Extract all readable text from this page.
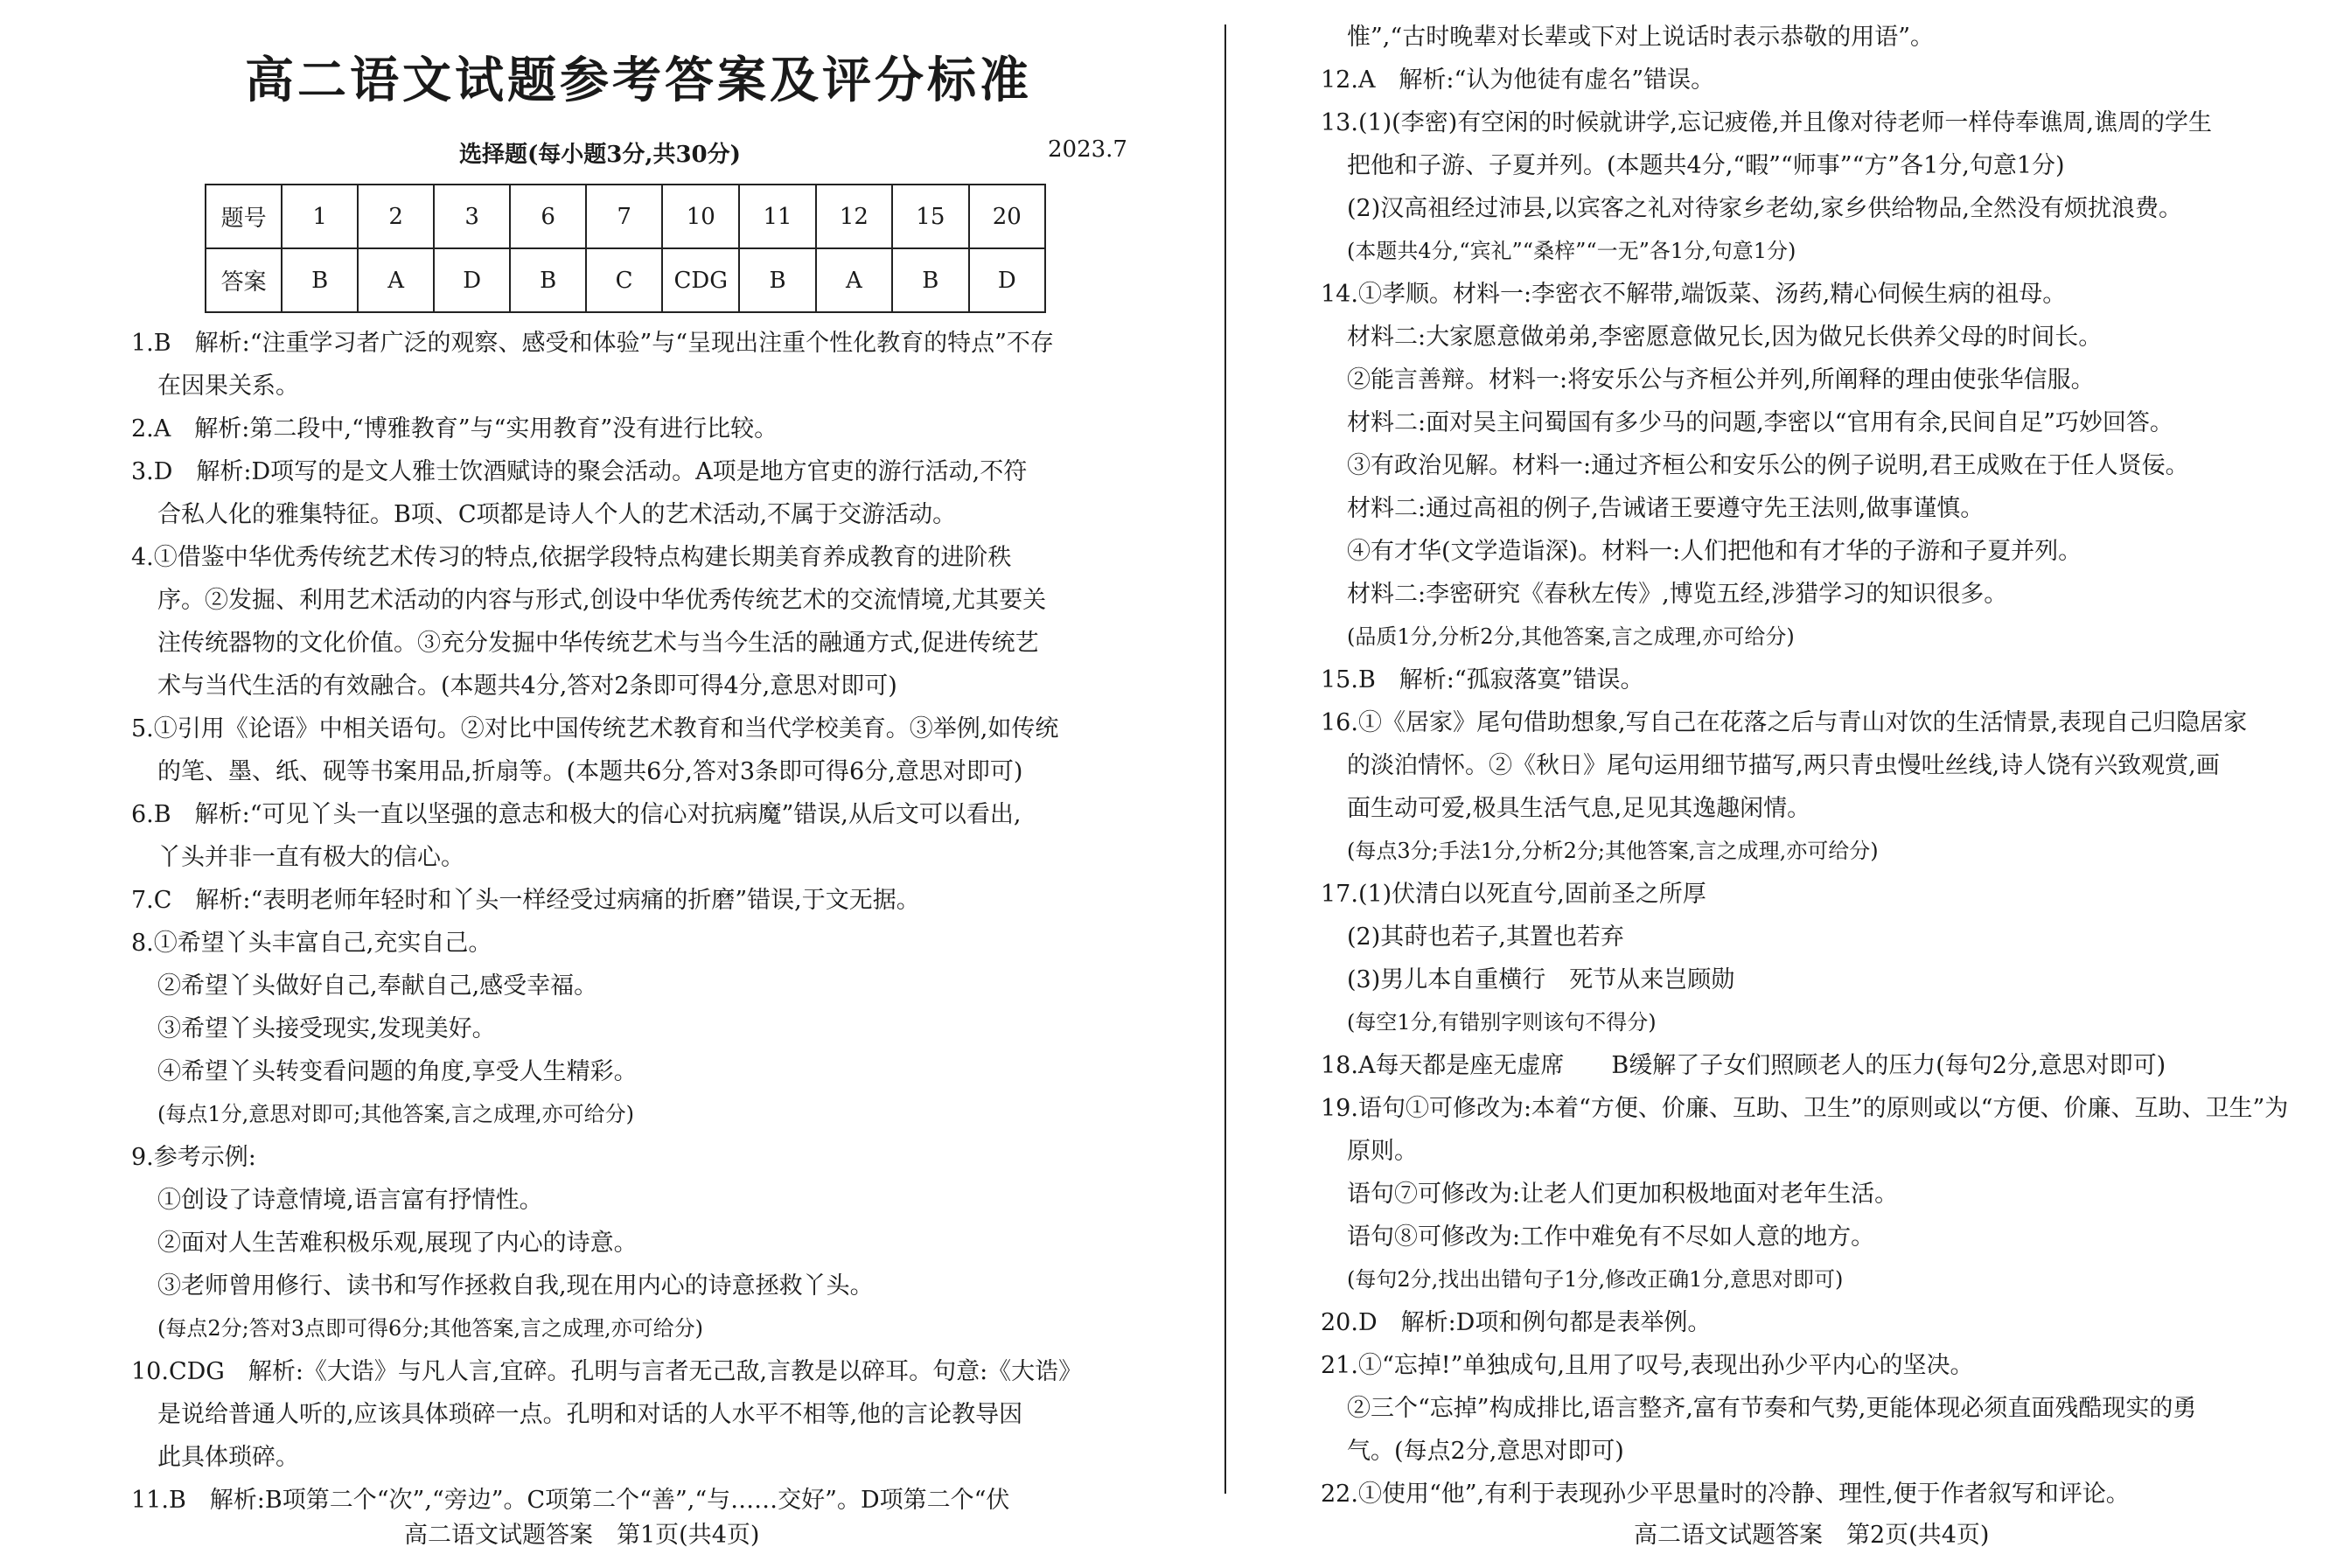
高二语文试题参考答案及评分标准
选择题(每小题3分,共30分)	2023.7
题号	1	2	3	6	7	10	11	12	15	20
答案	B	A	D	B	C	CDG	B	A	B	D
1.B　解析:“注重学习者广泛的观察、感受和体验”与“呈现出注重个性化教育的特点”不存
在因果关系。
2.A　解析:第二段中,“博雅教育”与“实用教育”没有进行比较。
3.D　解析:D项写的是文人雅士饮酒赋诗的聚会活动。A项是地方官吏的游行活动,不符
合私人化的雅集特征。B项、C项都是诗人个人的艺术活动,不属于交游活动。
4.①借鉴中华优秀传统艺术传习的特点,依据学段特点构建长期美育养成教育的进阶秩
序。②发掘、利用艺术活动的内容与形式,创设中华优秀传统艺术的交流情境,尤其要关
注传统器物的文化价值。③充分发掘中华传统艺术与当今生活的融通方式,促进传统艺
术与当代生活的有效融合。(本题共4分,答对2条即可得4分,意思对即可)
5.①引用《论语》中相关语句。②对比中国传统艺术教育和当代学校美育。③举例,如传统
的笔、墨、纸、砚等书案用品,折扇等。(本题共6分,答对3条即可得6分,意思对即可)
6.B　解析:“可见丫头一直以坚强的意志和极大的信心对抗病魔”错误,从后文可以看出,
丫头并非一直有极大的信心。
7.C　解析:“表明老师年轻时和丫头一样经受过病痛的折磨”错误,于文无据。
8.①希望丫头丰富自己,充实自己。
②希望丫头做好自己,奉献自己,感受幸福。
③希望丫头接受现实,发现美好。
④希望丫头转变看问题的角度,享受人生精彩。
(每点1分,意思对即可;其他答案,言之成理,亦可给分)
9.参考示例:
①创设了诗意情境,语言富有抒情性。
②面对人生苦难积极乐观,展现了内心的诗意。
③老师曾用修行、读书和写作拯救自我,现在用内心的诗意拯救丫头。
(每点2分;答对3点即可得6分;其他答案,言之成理,亦可给分)
10.CDG　解析:《大诰》与凡人言,宜碎。孔明与言者无己敌,言教是以碎耳。句意:《大诰》
是说给普通人听的,应该具体琐碎一点。孔明和对话的人水平不相等,他的言论教导因
此具体琐碎。
11.B　解析:B项第二个“次”,“旁边”。C项第二个“善”,“与……交好”。D项第二个“伏
高二语文试题答案　第1页(共4页)
惟”,“古时晚辈对长辈或下对上说话时表示恭敬的用语”。
12.A　解析:“认为他徒有虚名”错误。
13.(1)(李密)有空闲的时候就讲学,忘记疲倦,并且像对待老师一样侍奉谯周,谯周的学生
把他和子游、子夏并列。(本题共4分,“暇”“师事”“方”各1分,句意1分)
(2)汉高祖经过沛县,以宾客之礼对待家乡老幼,家乡供给物品,全然没有烦扰浪费。
(本题共4分,“宾礼”“桑梓”“一无”各1分,句意1分)
14.①孝顺。材料一:李密衣不解带,端饭菜、汤药,精心伺候生病的祖母。
材料二:大家愿意做弟弟,李密愿意做兄长,因为做兄长供养父母的时间长。
②能言善辩。材料一:将安乐公与齐桓公并列,所阐释的理由使张华信服。
材料二:面对吴主问蜀国有多少马的问题,李密以“官用有余,民间自足”巧妙回答。
③有政治见解。材料一:通过齐桓公和安乐公的例子说明,君王成败在于任人贤佞。
材料二:通过高祖的例子,告诫诸王要遵守先王法则,做事谨慎。
④有才华(文学造诣深)。材料一:人们把他和有才华的子游和子夏并列。
材料二:李密研究《春秋左传》,博览五经,涉猎学习的知识很多。
(品质1分,分析2分,其他答案,言之成理,亦可给分)
15.B　解析:“孤寂落寞”错误。
16.①《居家》尾句借助想象,写自己在花落之后与青山对饮的生活情景,表现自己归隐居家
的淡泊情怀。②《秋日》尾句运用细节描写,两只青虫慢吐丝线,诗人饶有兴致观赏,画
面生动可爱,极具生活气息,足见其逸趣闲情。
(每点3分;手法1分,分析2分;其他答案,言之成理,亦可给分)
17.(1)伏清白以死直兮,固前圣之所厚
(2)其莳也若子,其置也若弃
(3)男儿本自重横行　死节从来岂顾勋
(每空1分,有错别字则该句不得分)
18.A每天都是座无虚席　　B缓解了子女们照顾老人的压力(每句2分,意思对即可)
19.语句①可修改为:本着“方便、价廉、互助、卫生”的原则或以“方便、价廉、互助、卫生”为
原则。
语句⑦可修改为:让老人们更加积极地面对老年生活。
语句⑧可修改为:工作中难免有不尽如人意的地方。
(每句2分,找出出错句子1分,修改正确1分,意思对即可)
20.D　解析:D项和例句都是表举例。
21.①“忘掉!”单独成句,且用了叹号,表现出孙少平内心的坚决。
②三个“忘掉”构成排比,语言整齐,富有节奏和气势,更能体现必须直面残酷现实的勇
气。(每点2分,意思对即可)
22.①使用“他”,有利于表现孙少平思量时的冷静、理性,便于作者叙写和评论。
高二语文试题答案　第2页(共4页)
